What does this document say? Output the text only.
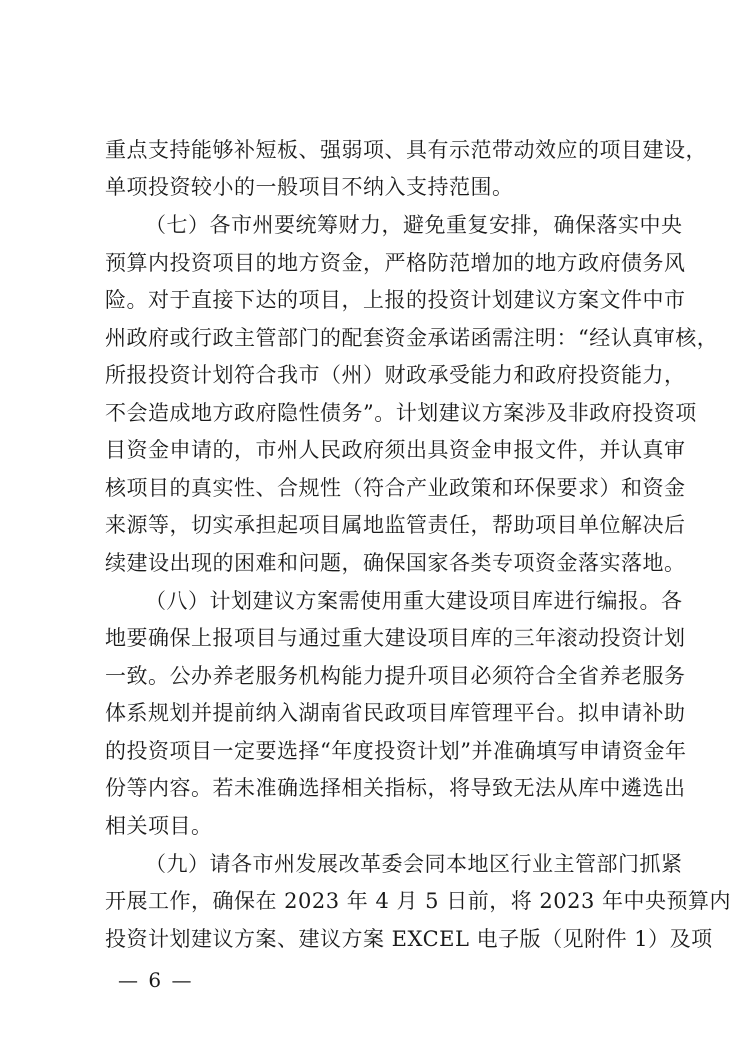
重点支持能够补短板、强弱项、具有示范带动效应的项目建设，
单项投资较小的一般项目不纳入支持范围。
（七）各市州要统筹财力，避免重复安排，确保落实中央
预算内投资项目的地方资金，严格防范增加的地方政府债务风
险。对于直接下达的项目，上报的投资计划建议方案文件中市
州政府或行政主管部门的配套资金承诺函需注明：“经认真审核，
所报投资计划符合我市（州）财政承受能力和政府投资能力，
不会造成地方政府隐性债务”。计划建议方案涉及非政府投资项
目资金申请的，市州人民政府须出具资金申报文件，并认真审
核项目的真实性、合规性（符合产业政策和环保要求）和资金
来源等，切实承担起项目属地监管责任，帮助项目单位解决后
续建设出现的困难和问题，确保国家各类专项资金落实落地。
（八）计划建议方案需使用重大建设项目库进行编报。各
地要确保上报项目与通过重大建设项目库的三年滚动投资计划
一致。公办养老服务机构能力提升项目必须符合全省养老服务
体系规划并提前纳入湖南省民政项目库管理平台。拟申请补助
的投资项目一定要选择“年度投资计划”并准确填写申请资金年
份等内容。若未准确选择相关指标，将导致无法从库中遴选出
相关项目。
（九）请各市州发展改革委会同本地区行业主管部门抓紧
开展工作，确保在 2023 年 4 月 5 日前，将 2023 年中央预算内
投资计划建议方案、建议方案 EXCEL 电子版（见附件 1）及项
— 6 —
